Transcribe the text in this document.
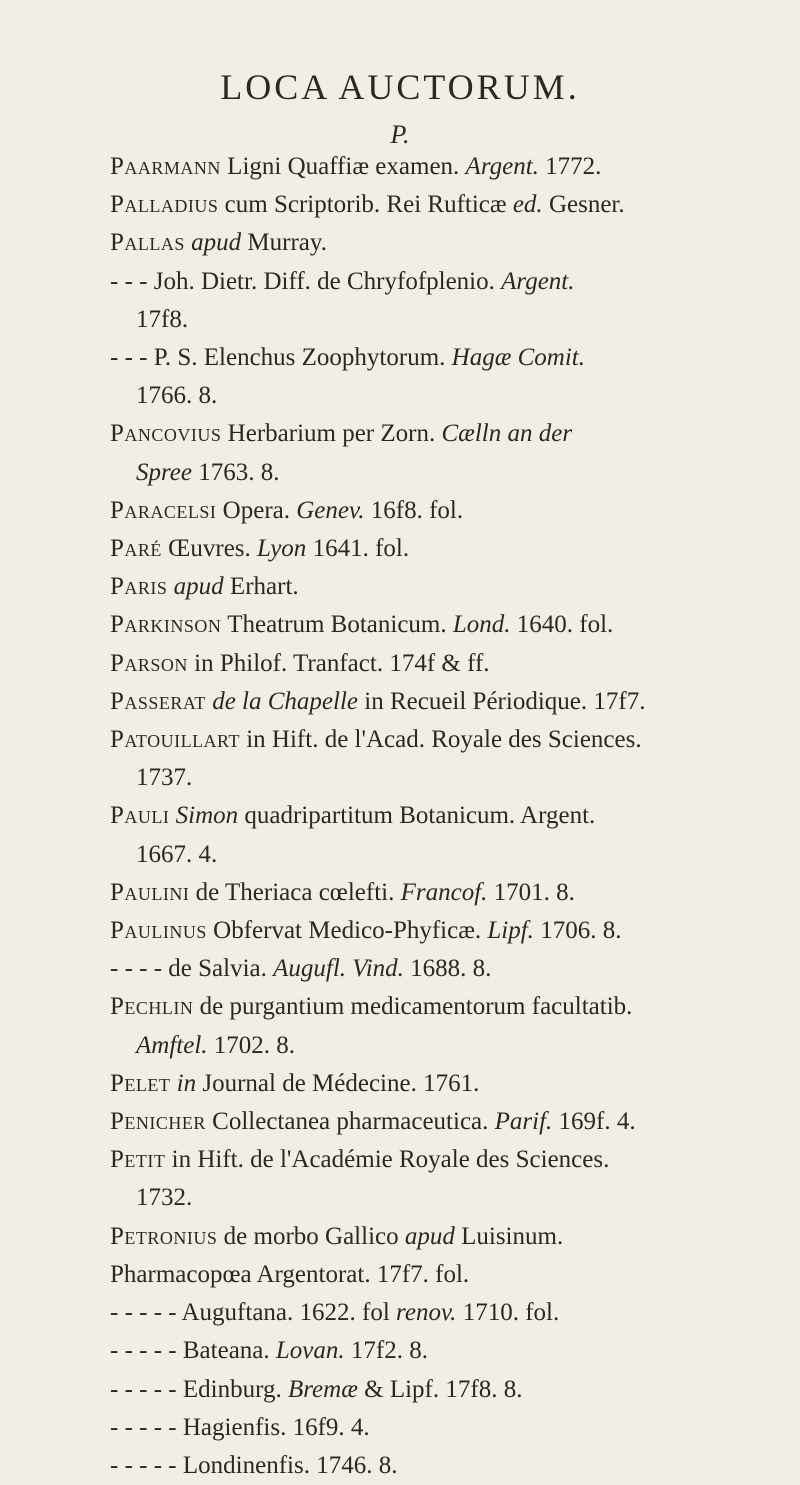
LOCA AUCTORUM.
P.
Paarmann Ligni Quaffiæ examen. Argent. 1772.
Palladius cum Scriptorib. Rei Rufticæ ed. Gesner.
Pallas apud Murray.
- - - Joh. Dietr. Diff. de Chryfofplenio. Argent.
17f8.
- - - P. S. Elenchus Zoophytorum. Hagæ Comit.
1766. 8.
Pancovius Herbarium per Zorn. Cælln an der
Spree 1763. 8.
Paracelsi Opera. Genev. 16f8. fol.
Paré Œuvres. Lyon 1641. fol.
Paris apud Erhart.
Parkinson Theatrum Botanicum. Lond. 1640. fol.
Parson in Philof. Tranfact. 174f & ff.
Passerat de la Chapelle in Recueil Périodique. 17f7.
Patouillart in Hift. de l'Acad. Royale des Sciences.
1737.
Pauli Simon quadripartitum Botanicum. Argent.
1667. 4.
Paulini de Theriaca cœlefti. Francof. 1701. 8.
Paulinus Obfervat Medico-Phyficæ. Lipf. 1706. 8.
- - - - de Salvia. Augufl. Vind. 1688. 8.
Pechlin de purgantium medicamentorum facultatib.
Amftel. 1702. 8.
Pelet in Journal de Médecine. 1761.
Penicher Collectanea pharmaceutica. Parif. 169f. 4.
Petit in Hift. de l'Académie Royale des Sciences.
1732.
Petronius de morbo Gallico apud Luisinum.
Pharmacopœa Argentorat. 17f7. fol.
- - - - - Auguftana. 1622. fol renov. 1710. fol.
- - - - - Bateana. Lovan. 17f2. 8.
- - - - - Edinburg. Bremæ & Lipf. 17f8. 8.
- - - - - Hagienfis. 16f9. 4.
- - - - - Londinenfis. 1746. 8.
